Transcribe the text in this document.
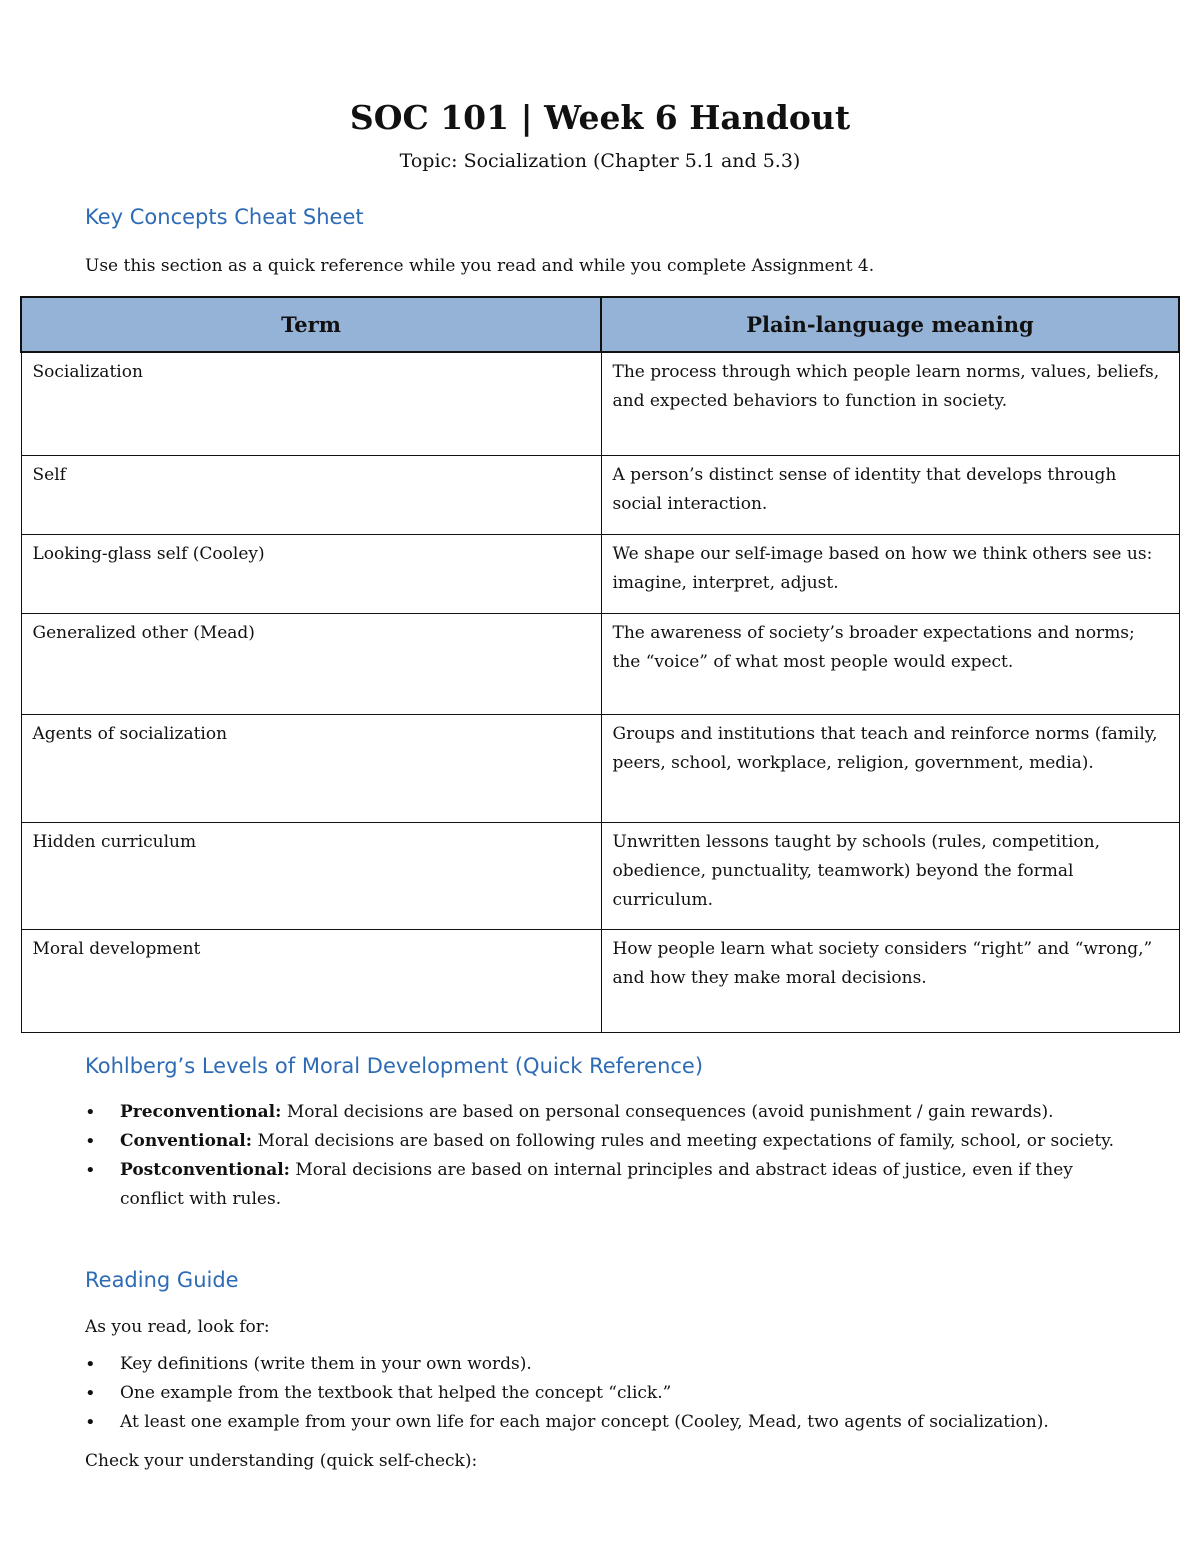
SOC 101 | Week 6 Handout
Topic: Socialization (Chapter 5.1 and 5.3)
Key Concepts Cheat Sheet
Use this section as a quick reference while you read and while you complete Assignment 4.
Term	Plain-language meaning
Socialization	The process through which people learn norms, values, beliefs, and expected behaviors to function in society.
Self	A person’s distinct sense of identity that develops through social interaction.
Looking-glass self (Cooley)	We shape our self-image based on how we think others see us: imagine, interpret, adjust.
Generalized other (Mead)	The awareness of society’s broader expectations and norms; the “voice” of what most people would expect.
Agents of socialization	Groups and institutions that teach and reinforce norms (family, peers, school, workplace, religion, government, media).
Hidden curriculum	Unwritten lessons taught by schools (rules, competition, obedience, punctuality, teamwork) beyond the formal curriculum.
Moral development	How people learn what society considers “right” and “wrong,” and how they make moral decisions.
Kohlberg’s Levels of Moral Development (Quick Reference)
• Preconventional: Moral decisions are based on personal consequences (avoid punishment / gain rewards).
• Conventional: Moral decisions are based on following rules and meeting expectations of family, school, or society.
• Postconventional: Moral decisions are based on internal principles and abstract ideas of justice, even if they conflict with rules.
Reading Guide
As you read, look for:
• Key definitions (write them in your own words).
• One example from the textbook that helped the concept “click.”
• At least one example from your own life for each major concept (Cooley, Mead, two agents of socialization).
Check your understanding (quick self-check):
